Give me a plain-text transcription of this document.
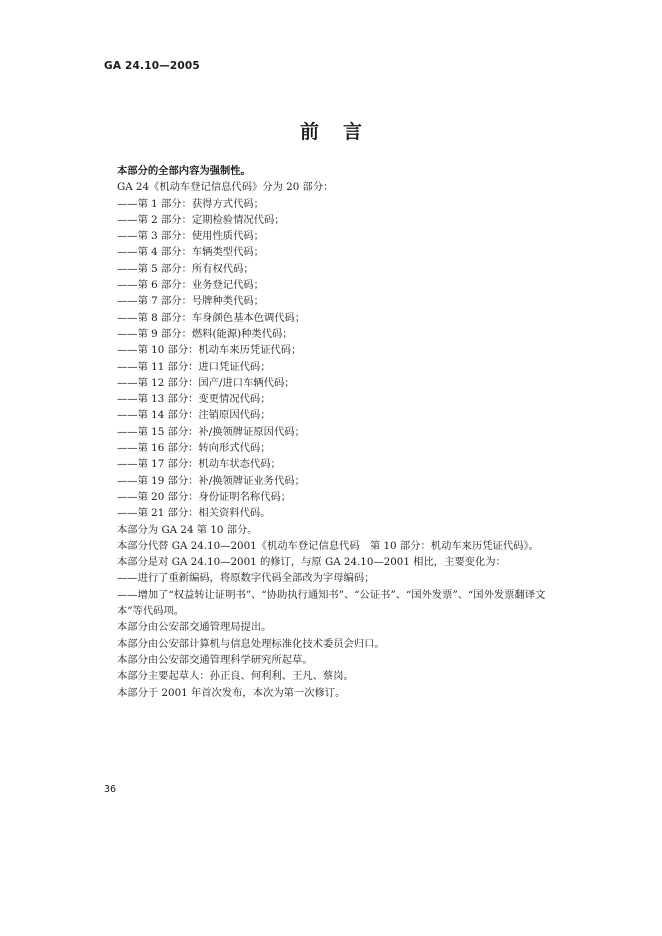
GA 24.10—2005
前言
本部分的全部内容为强制性。
GA 24《机动车登记信息代码》分为 20 部分：
——第 1 部分：获得方式代码；
——第 2 部分：定期检验情况代码；
——第 3 部分：使用性质代码；
——第 4 部分：车辆类型代码；
——第 5 部分：所有权代码；
——第 6 部分：业务登记代码；
——第 7 部分：号牌种类代码；
——第 8 部分：车身颜色基本色调代码；
——第 9 部分：燃料(能源)种类代码；
——第 10 部分：机动车来历凭证代码；
——第 11 部分：进口凭证代码；
——第 12 部分：国产/进口车辆代码；
——第 13 部分：变更情况代码；
——第 14 部分：注销原因代码；
——第 15 部分：补/换领牌证原因代码；
——第 16 部分：转向形式代码；
——第 17 部分：机动车状态代码；
——第 19 部分：补/换领牌证业务代码；
——第 20 部分：身份证明名称代码；
——第 21 部分：相关资料代码。
本部分为 GA 24 第 10 部分。
本部分代替 GA 24.10—2001《机动车登记信息代码　第 10 部分：机动车来历凭证代码》。
本部分是对 GA 24.10—2001 的修订，与原 GA 24.10—2001 相比，主要变化为：
——进行了重新编码，将原数字代码全部改为字母编码；
——增加了“权益转让证明书”、“协助执行通知书”、“公证书”、“国外发票”、“国外发票翻译文本”等代码项。
本部分由公安部交通管理局提出。
本部分由公安部计算机与信息处理标准化技术委员会归口。
本部分由公安部交通管理科学研究所起草。
本部分主要起草人：孙正良、何利利、王凡、蔡岗。
本部分于 2001 年首次发布，本次为第一次修订。
36
